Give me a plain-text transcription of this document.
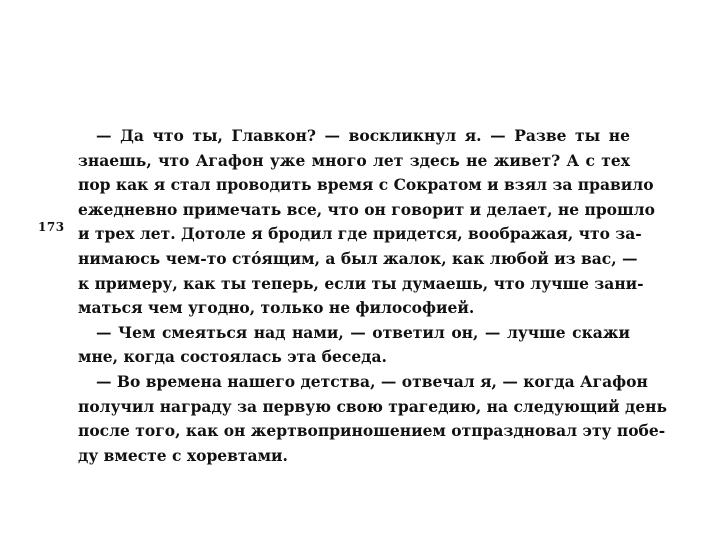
173
— Да что ты, Главкон? — воскликнул я. — Разве ты не
знаешь, что Агафон уже много лет здесь не живет? А с тех
пор как я стал проводить время с Сократом и взял за правило
ежедневно примечать все, что он говорит и делает, не прошло
и трех лет. Дотоле я бродил где придется, воображая, что за-
нимаюсь чем-то стóящим, а был жалок, как любой из вас, —
к примеру, как ты теперь, если ты думаешь, что лучше зани-
маться чем угодно, только не философией.
— Чем смеяться над нами, — ответил он, — лучше скажи
мне, когда состоялась эта беседа.
— Во времена нашего детства, — отвечал я, — когда Агафон
получил награду за первую свою трагедию, на следующий день
после того, как он жертвоприношением отпраздновал эту побе-
ду вместе с хоревтами.
